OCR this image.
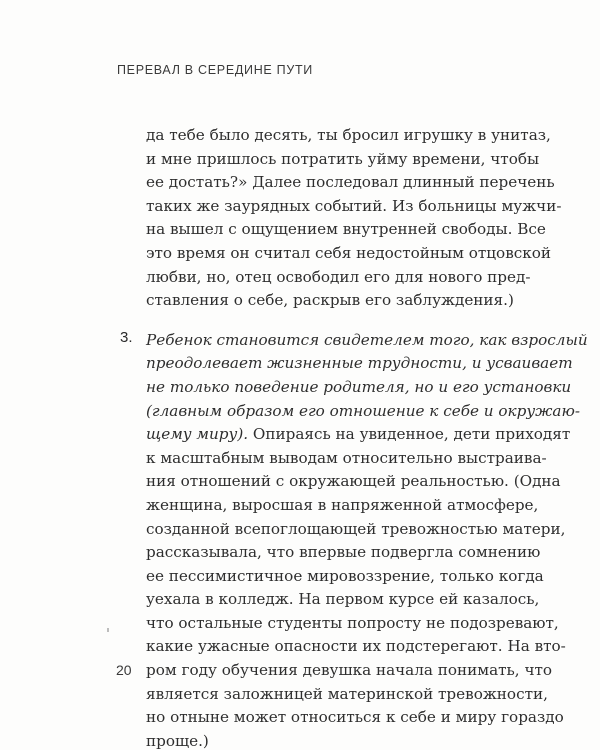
ПЕРЕВАЛ В СЕРЕДИНЕ ПУТИ
да тебе было десять, ты бросил игрушку в унитаз,
и мне пришлось потратить уйму времени, чтобы
ее достать?» Далее последовал длинный перечень
таких же заурядных событий. Из больницы мужчи-
на вышел с ощущением внутренней свободы. Все
это время он считал себя недостойным отцовской
любви, но, отец освободил его для нового пред-
ставления о себе, раскрыв его заблуждения.)
3. Ребенок становится свидетелем того, как взрослый
преодолевает жизненные трудности, и усваивает
не только поведение родителя, но и его установки
(главным образом его отношение к себе и окружаю-
щему миру). Опираясь на увиденное, дети приходят
к масштабным выводам относительно выстраива-
ния отношений с окружающей реальностью. (Одна
женщина, выросшая в напряженной атмосфере,
созданной всепоглощающей тревожностью матери,
рассказывала, что впервые подвергла сомнению
ее пессимистичное мировоззрение, только когда
уехала в колледж. На первом курсе ей казалось,
что остальные студенты попросту не подозревают,
какие ужасные опасности их подстерегают. На вто-
ром году обучения девушка начала понимать, что
является заложницей материнской тревожности,
но отныне может относиться к себе и миру гораздо
проще.)
20
